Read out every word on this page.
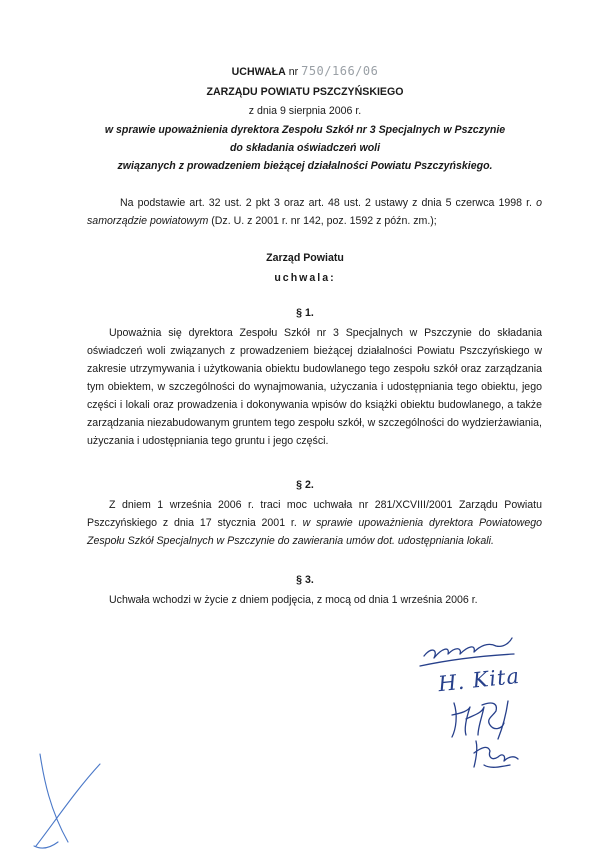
UCHWAŁA nr 750/166/06
ZARZĄDU POWIATU PSZCZYŃSKIEGO
z dnia 9 sierpnia 2006 r.
w sprawie upoważnienia dyrektora Zespołu Szkół nr 3 Specjalnych w Pszczynie
do składania oświadczeń woli
związanych z prowadzeniem bieżącej działalności Powiatu Pszczyńskiego.
Na podstawie art. 32 ust. 2 pkt 3 oraz art. 48 ust. 2 ustawy z dnia 5 czerwca 1998 r. o
samorządzie powiatowym (Dz. U. z 2001 r. nr 142, poz. 1592 z późn. zm.);
Zarząd Powiatu
uchwala:
§ 1.
Upoważnia się dyrektora Zespołu Szkół nr 3 Specjalnych w Pszczynie do składania
oświadczeń woli związanych z prowadzeniem bieżącej działalności Powiatu Pszczyńskiego w
zakresie utrzymywania i użytkowania obiektu budowlanego tego zespołu szkół oraz zarządzania
tym obiektem, w szczególności do wynajmowania, użyczania i udostępniania tego obiektu, jego
części i lokali oraz prowadzenia i dokonywania wpisów do książki obiektu budowlanego, a także
zarządzania niezabudowanym gruntem tego zespołu szkół, w szczególności do wydzierżawiania,
użyczania i udostępniania tego gruntu i jego części.
§ 2.
Z dniem 1 września 2006 r. traci moc uchwała nr 281/XCVIII/2001 Zarządu Powiatu
Pszczyńskiego z dnia 17 stycznia 2001 r. w sprawie upoważnienia dyrektora Powiatowego
Zespołu Szkół Specjalnych w Pszczynie do zawierania umów dot. udostępniania lokali.
§ 3.
Uchwała wchodzi w życie z dniem podjęcia, z mocą od dnia 1 września 2006 r.
H. Kita
